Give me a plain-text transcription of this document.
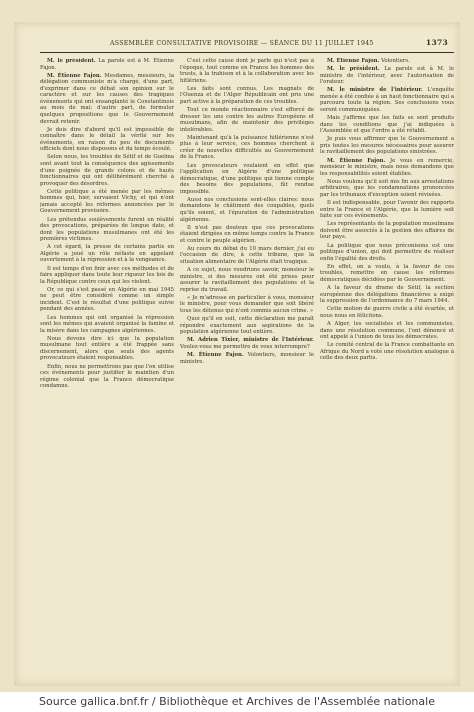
ASSEMBLÉE CONSULTATIVE PROVISOIRE — SÉANCE DU 11 JUILLET 1945	1373

M. le président. La parole est à M. Étienne Fajon.

M. Étienne Fajon. Mesdames, messieurs, la délégation communiste m'a chargé, d'une part, d'exprimer dans ce débat son opinion sur le caractère et sur les causes des tragiques événements qui ont ensanglanté le Constantinois au mois de mai; d'autre part, de formuler quelques propositions que le Gouvernement devrait retenir.

Je dois dire d'abord qu'il est impossible de connaître dans le détail la vérité sur les événements, en raison du peu de documents officiels dont nous disposons et du temps écoulé.

Selon nous, les troubles de Sétif et de Guelma sont avant tout la conséquence des agissements d'une poignée de grands colons et de hauts fonctionnaires qui ont délibérément cherché à provoquer des désordres.

Cette politique a été menée par les mêmes hommes qui, hier, servaient Vichy, et qui n'ont jamais accepté les réformes annoncées par le Gouvernement provisoire.

Les prétendus soulèvements furent en réalité des provocations, préparées de longue date, et dont les populations musulmanes ont été les premières victimes.

A cet égard, la presse de certains partis en Algérie a joué un rôle néfaste en appelant ouvertement à la répression et à la vengeance.

Il est temps d'en finir avec ces méthodes et de faire appliquer dans toute leur rigueur les lois de la République contre ceux qui les violent.

Or, ce qui s'est passé en Algérie en mai 1945 ne peut être considéré comme un simple incident. C'est le résultat d'une politique suivie pendant des années.

Les hommes qui ont organisé la répression sont les mêmes qui avaient organisé la famine et la misère dans les campagnes algériennes.

Nous devons dire ici que la population musulmane tout entière a été frappée sans discernement, alors que seuls des agents provocateurs étaient responsables.

Enfin, nous ne permettrons pas que l'on utilise ces événements pour justifier le maintien d'un régime colonial que la France démocratique condamne.

C'est cette cause dont je parle qui n'est pas à l'époque, tout comme en France les hommes des trusts, à la trahison et à la collaboration avec les hitlériens.

Les faits sont connus. Les magnats de l'Ouenza et de l'Alger Républicain ont pris une part active à la préparation de ces troubles.

Tout ce monde réactionnaire s'est efforcé de dresser les uns contre les autres Européens et musulmans, afin de maintenir des privilèges intolérables.

Maintenant qu'à la puissance hitlérienne n'est plus à leur service, ces hommes cherchent à créer de nouvelles difficultés au Gouvernement de la France.

Les provocateurs voulaient en effet que l'application en Algérie d'une politique démocratique, d'une politique qui tienne compte des besoins des populations, fût rendue impossible.

Aussi nos conclusions sont-elles claires: nous demandons le châtiment des coupables, quels qu'ils soient, et l'épuration de l'administration algérienne.

Il n'est pas douteux que ces provocations étaient dirigées en même temps contre la France et contre le peuple algérien.

Au cours du débat du 10 mars dernier, j'ai eu l'occasion de dire, à cette tribune, que la situation alimentaire de l'Algérie était tragique.

A ce sujet, nous voudrions savoir, monsieur le ministre, si des mesures ont été prises pour assurer le ravitaillement des populations et la reprise du travail.

« Je m'adresse en particulier à vous, monsieur le ministre, pour vous demander que soit libéré tous les détenus qui n'ont commis aucun crime. »

Quoi qu'il en soit, cette déclaration me paraît répondre exactement aux aspirations de la population algérienne tout entière.

M. Adrien Tixier, ministre de l'Intérieur. Voulez-vous me permettre de vous interrompre?

M. Étienne Fajon. Volontiers, monsieur le ministre.

M. Étienne Fajon. Volontiers.

M. le président. La parole est à M. le ministre de l'intérieur, avec l'autorisation de l'orateur.

M. le ministre de l'intérieur. L'enquête menée a été confiée à un haut fonctionnaire qui a parcouru toute la région. Ses conclusions vous seront communiquées.

Mais j'affirme que les faits se sont produits dans les conditions que j'ai indiquées à l'Assemblée et que l'ordre a été rétabli.

Je puis vous affirmer que le Gouvernement a pris toutes les mesures nécessaires pour assurer le ravitaillement des populations sinistrées.

M. Étienne Fajon. Je vous en remercie, monsieur le ministre, mais nous demandons que les responsabilités soient établies.

Nous voulons qu'il soit mis fin aux arrestations arbitraires, que les condamnations prononcées par les tribunaux d'exception soient révisées.

Il est indispensable, pour l'avenir des rapports entre la France et l'Algérie, que la lumière soit faite sur ces événements.

Les représentants de la population musulmane doivent être associés à la gestion des affaires de leur pays.

La politique que nous préconisons est une politique d'union, qui doit permettre de réaliser enfin l'égalité des droits.

En effet, on a voulu, à la faveur de ces troubles, remettre en cause les réformes démocratiques décidées par le Gouvernement.

A la faveur du drame de Sétif, la section européenne des délégations financières a exigé la suppression de l'ordonnance du 7 mars 1944.

Cette motion de guerre civile a été écartée, et nous nous en félicitons.

A Alger, les socialistes et les communistes, dans une résolution commune, l'ont dénoncé et ont appelé à l'union de tous les démocrates.

Le comité central de la France combattante en Afrique du Nord a voté une résolution analogue à celle des deux partis.

Source gallica.bnf.fr / Bibliothèque et Archives de l'Assemblée nationale
